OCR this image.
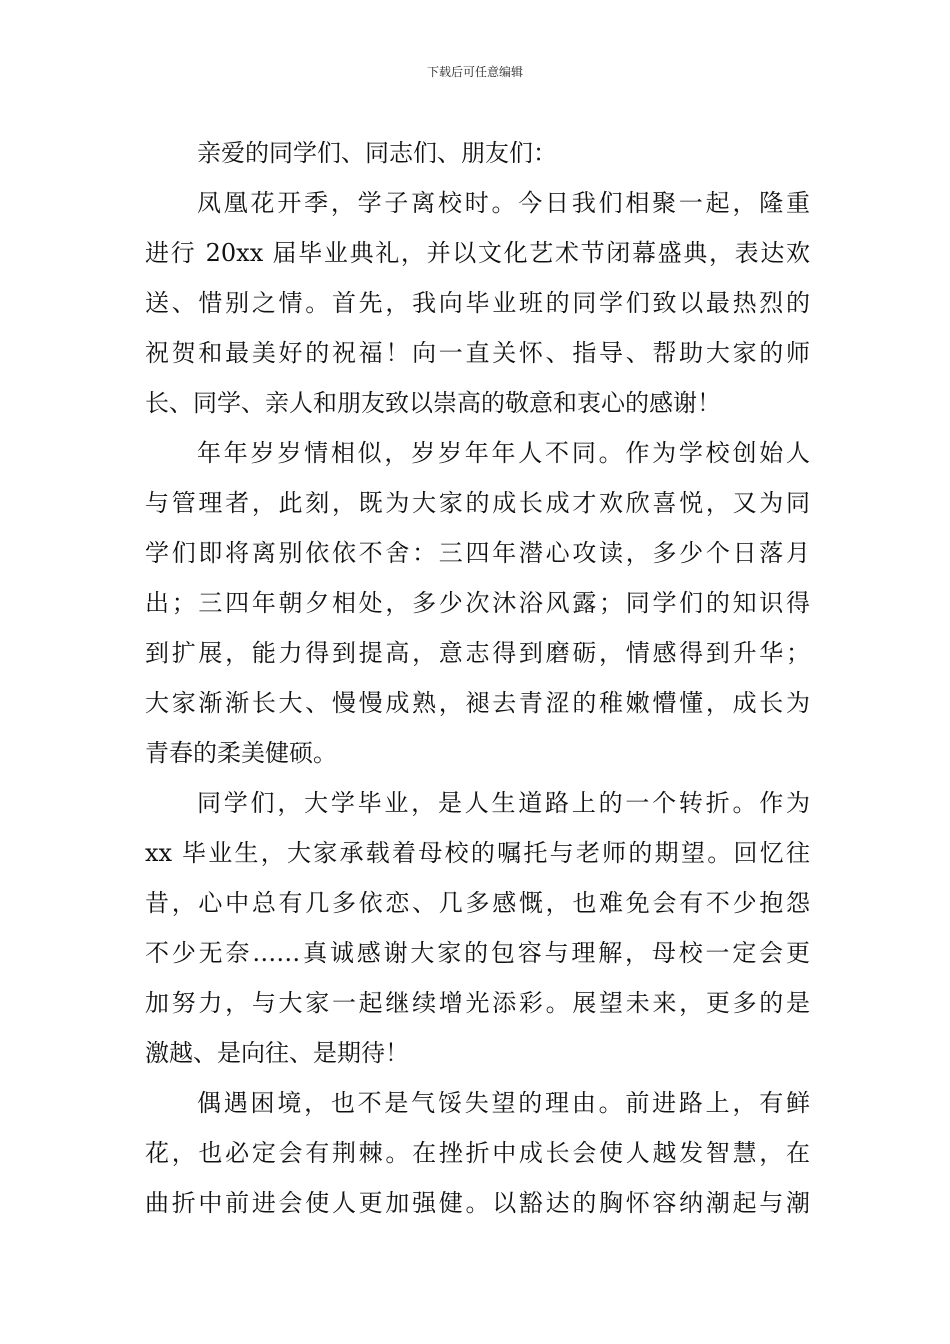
下载后可任意编辑

亲爱的同学们、同志们、朋友们：

凤凰花开季，学子离校时。今日我们相聚一起，隆重
进行 20xx 届毕业典礼，并以文化艺术节闭幕盛典，表达欢
送、惜别之情。首先，我向毕业班的同学们致以最热烈的
祝贺和最美好的祝福！向一直关怀、指导、帮助大家的师
长、同学、亲人和朋友致以崇高的敬意和衷心的感谢！

年年岁岁情相似，岁岁年年人不同。作为学校创始人
与管理者，此刻，既为大家的成长成才欢欣喜悦，又为同
学们即将离别依依不舍：三四年潜心攻读，多少个日落月
出；三四年朝夕相处，多少次沐浴风露；同学们的知识得
到扩展，能力得到提高，意志得到磨砺，情感得到升华；
大家渐渐长大、慢慢成熟，褪去青涩的稚嫩懵懂，成长为
青春的柔美健硕。

同学们，大学毕业，是人生道路上的一个转折。作为
xx 毕业生，大家承载着母校的嘱托与老师的期望。回忆往
昔，心中总有几多依恋、几多感慨，也难免会有不少抱怨
不少无奈……真诚感谢大家的包容与理解，母校一定会更
加努力，与大家一起继续增光添彩。展望未来，更多的是
激越、是向往、是期待！

偶遇困境，也不是气馁失望的理由。前进路上，有鲜
花，也必定会有荆棘。在挫折中成长会使人越发智慧，在
曲折中前进会使人更加强健。以豁达的胸怀容纳潮起与潮
